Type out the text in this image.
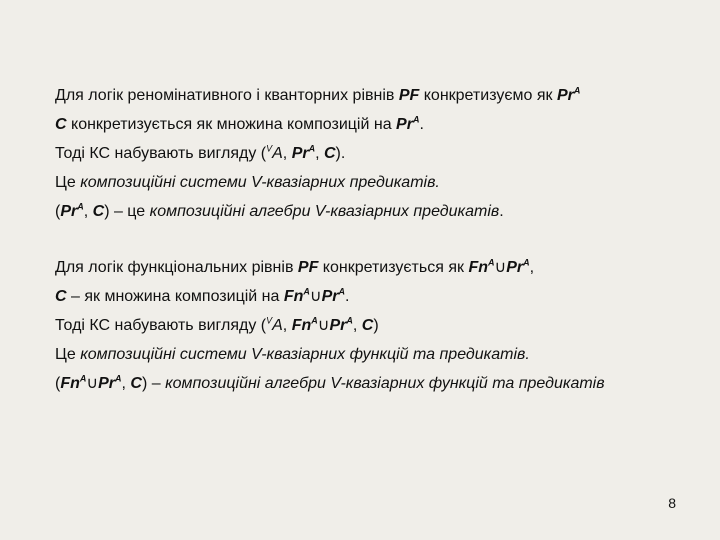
Для логік реномінативного і кванторних рівнів PF конкретизуємо як $Pr^A$
C конкретизується як множина композицій на $Pr^A$.
Тоді КС набувають вигляду ($^V$A, $Pr^A$, C).
Це композиційні системи V-квазіарних предикатів.
($Pr^A$, C) – це композиційні алгебри V-квазіарних предикатів.
Для логік функціональних рівнів PF конкретизується як $Fn^A\cup Pr^A$,
C – як множина композицій на $Fn^A\cup Pr^A$.
Тоді КС набувають вигляду ($^V$A, $Fn^A\cup Pr^A$, C)
Це композиційні системи V-квазіарних функцій та предикатів.
($Fn^A\cup Pr^A$, C) – композиційні алгебри V-квазіарних функцій та предикатів
8
